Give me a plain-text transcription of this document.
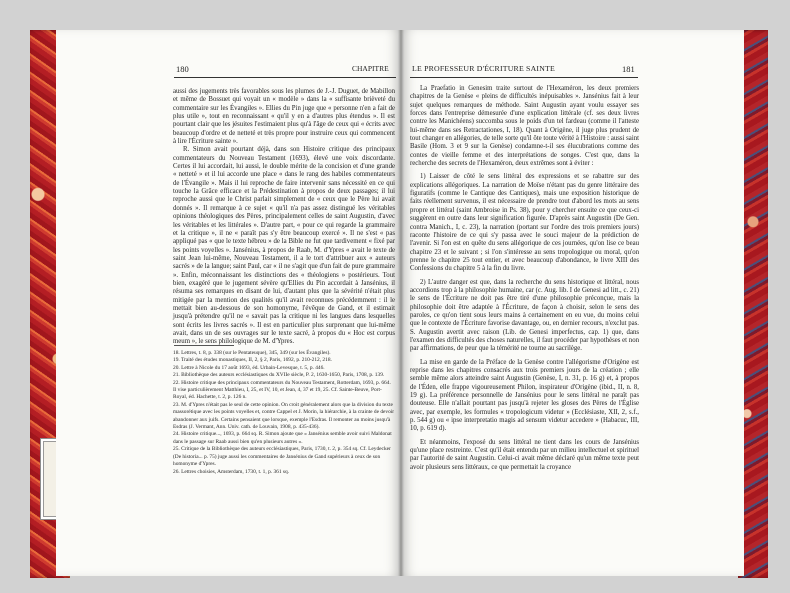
180	CHAPITRE

aussi des jugements très favorables sous les plumes de J.-J. Duguet, de Mabillon et même de Bossuet qui voyait un « modèle » dans la « suffisante brièveté du commentaire sur les Évangiles ». Ellies du Pin juge que « personne n'en a fait de plus utile », tout en reconnaissant « qu'il y en a d'autres plus étendus ». Il est pourtant clair que les jésuites l'estimaient plus qu'à l'âge de ceux qui « écrits avec beaucoup d'ordre et de netteté et très propre pour instruire ceux qui commencent à lire l'Écriture sainte ».

R. Simon avait pourtant déjà, dans son Histoire critique des principaux commentateurs du Nouveau Testament (1693), élevé une voix discordante. Certes il lui accordait, lui aussi, le double mérite de la concision et d'une grande « netteté » et il lui accorde une place « dans le rang des habiles commentateurs de l'Évangile ». Mais il lui reproche de faire intervenir sans nécessité en ce qui touche la Grâce efficace et la Prédestination à propos de deux passages; il lui reproche aussi que le Christ parlait simplement de « ceux que le Père lui avait donnés ». Il remarque à ce sujet « qu'il n'a pas assez distingué les véritables opinions théologiques des Pères, principalement celles de saint Augustin, d'avec les véritables et les littérales ». D'autre part, « pour ce qui regarde la grammaire et la critique », il ne « paraît pas s'y être beaucoup exercé ». Il ne s'est « pas appliqué pas « que le texte hébreu » de la Bible ne fut que tardivement « fixé par les points voyelles ». Jansénius, à propos de Raab, M. d'Ypres « avait le texte de saint Jean lui-même, Nouveau Testament, il a le tort d'attribuer aux « auteurs sacrés » de la langue; saint Paul, car « il ne s'agit que d'un fait de pure grammaire ». Enfin, méconnaissant les distinctions des « théologiens » postérieurs. Tout bien, exagéré que le jugement sévère qu'Ellies du Pin accordait à Jansénius, il résuma ses remarques en disant de lui, d'autant plus que la sévérité n'était plus mitigée par la mention des qualités qu'il avait reconnues précédemment : il le mettait bien au-dessous de son homonyme, l'évêque de Gand, et il estimait jusqu'à prétendre qu'il ne « savait pas la critique ni les langues dans lesquelles sont écrits les livres sacrés ». Il est en particulier plus surprenant que lui-même avait, dans un de ses ouvrages sur le texte sacré, à propos du « Hoc est corpus meum », le sens philologique de M. d'Ypres.

18. Lettres, t. 8, p. 338 (sur le Pentateuque), 345, 349 (sur les Évangiles).
19. Traité des études monastiques, II, 2, § 2, Paris, 1692, p. 210-212, 218.
20. Lettre à Nicole du 17 août 1693, éd. Urbain-Levesque, t. 5, p. 446.
21. Bibliothèque des auteurs ecclésiastiques du XVIIe siècle, P. 2, 1630-1650, Paris, 1708, p. 139.
22. Histoire critique des principaux commentateurs du Nouveau Testament, Rotterdam, 1693, p. 664. Il vise particulièrement Matthieu, I, 25, et IV, 10, et Jean, 4, 37 et 19, 25. Cf. Sainte-Beuve, Port-Royal, éd. Hachette, t. 2, p. 126 n.
23. M. d'Ypres n'était pas le seul de cette opinion. On croit généralement alors que la division du texte massorétique avec les points voyelles et, contre Cappel et J. Morin, la hiérarchie, à la crainte de devoir abandonner aux juifs. Certains pensaient que lorsque, exemple l'Esdras. Il remonter au moins jusqu'à Esdras (J. Vermant, Ann. Univ. cath. de Louvain, 1908, p. 435-436).
24. Histoire critique..., 1693, p. 664 sq. R. Simon ajoute que « Jansénius semble avoir suivi Maldonat dans le passage sur Raab aussi bien qu'en plusieurs autres ».
25. Critique de la Bibliothèque des auteurs ecclésiastiques, Paris, 1730, t. 2, p. 354 sq. Cf. Leydecker (De historia... p. 75) juge aussi les commentaires de Jansénius de Gand supérieurs à ceux de son homonyme d'Ypres.
26. Lettres choisies, Amsterdam, 1730, t. 1, p. 361 sq.
LE PROFESSEUR D'ÉCRITURE SAINTE	181

La Praefatio in Genesim traite surtout de l'Hexaméron, les deux premiers chapitres de la Genèse « pleins de difficultés inépuisables ». Jansénius fait à leur sujet quelques remarques de méthode. Saint Augustin ayant voulu essayer ses forces dans l'entreprise démesurée d'une explication littérale (cf. ses deux livres contre les Manichéens) succomba sous le poids d'un tel fardeau (comme il l'atteste lui-même dans ses Retractationes, I, 18). Quant à Origène, il juge plus prudent de tout changer en allégories, de telle sorte qu'il ôte toute vérité à l'Histoire : aussi saint Basile (Hom. 3 et 9 sur la Genèse) condamne-t-il ses élucubrations comme des contes de vieille femme et des interprétations de songes. C'est que, dans la recherche des secrets de l'Hexaméron, deux extrêmes sont à éviter :

1) Laisser de côté le sens littéral des expressions et se rabattre sur des explications allégoriques. La narration de Moïse n'étant pas du genre littéraire des figuratifs (comme le Cantique des Cantiques), mais une exposition historique de faits réellement survenus, il est nécessaire de prendre tout d'abord les mots au sens propre et littéral (saint Ambroise in Ps. 38), pour y chercher ensuite ce que ceux-ci suggèrent en outre dans leur signification figurée. D'après saint Augustin (De Gen. contra Manich., I, c. 23), la narration (portant sur l'ordre des trois premiers jours) raconte l'histoire de ce qui s'y passa avec le souci majeur de la prédiction de l'avenir. Si l'on est en quête du sens allégorique de ces journées, qu'on lise ce beau chapitre 23 et le suivant ; si l'on s'intéresse au sens tropologique ou moral, qu'on prenne le chapitre 25 tout entier, et avec beaucoup d'abondance, le livre XIII des Confessions du chapitre 5 à la fin du livre.

2) L'autre danger est que, dans la recherche du sens historique et littéral, nous accordions trop à la philosophie humaine, car (c. Aug. lib. I de Genesi ad litt., c. 21) le sens de l'Écriture ne doit pas être tiré d'une philosophie préconçue, mais la philosophie doit être adaptée à l'Écriture, de façon à choisir, selon le sens des paroles, ce qu'on tient sous leurs mains à certainement en eu vue, du moins celui que le contexte de l'Écriture favorise davantage, ou, en dernier recours, n'exclut pas. S. Augustin avertit avec raison (Lib. de Genesi imperfectus, cap. 1) que, dans l'examen des difficultés des choses naturelles, il faut procéder par hypothèses et non par affirmations, de peur que la témérité ne tourne au sacrilège.

La mise en garde de la Préface de la Genèse contre l'allégorisme d'Origène est reprise dans les chapitres consacrés aux trois premiers jours de la création ; elle semble même alors atteindre saint Augustin (Genèse, I, n. 31, p. 16 g) et, à propos de l'Éden, elle frappe vigoureusement Philon, inspirateur d'Origène (ibid., II, n. 8, 19 g). La préférence personnelle de Jansénius pour le sens littéral ne paraît pas douteuse. Elle n'allait pourtant pas jusqu'à rejeter les gloses des Pères de l'Église avec, par exemple, les formules « tropologicum videtur » (Ecclésiaste, XII, 2, s.f., p. 544 g) ou « ipse interpretatio magis ad sensum videtur accedere » (Habacuc, III, 10, p. 619 d).

Et néanmoins, l'exposé du sens littéral ne tient dans les cours de Jansénius qu'une place restreinte. C'est qu'il était entendu par un milieu intellectuel et spirituel par l'autorité de saint Augustin. Celui-ci avait même déclaré qu'un même texte peut avoir plusieurs sens littéraux, ce que permettait la croyance
